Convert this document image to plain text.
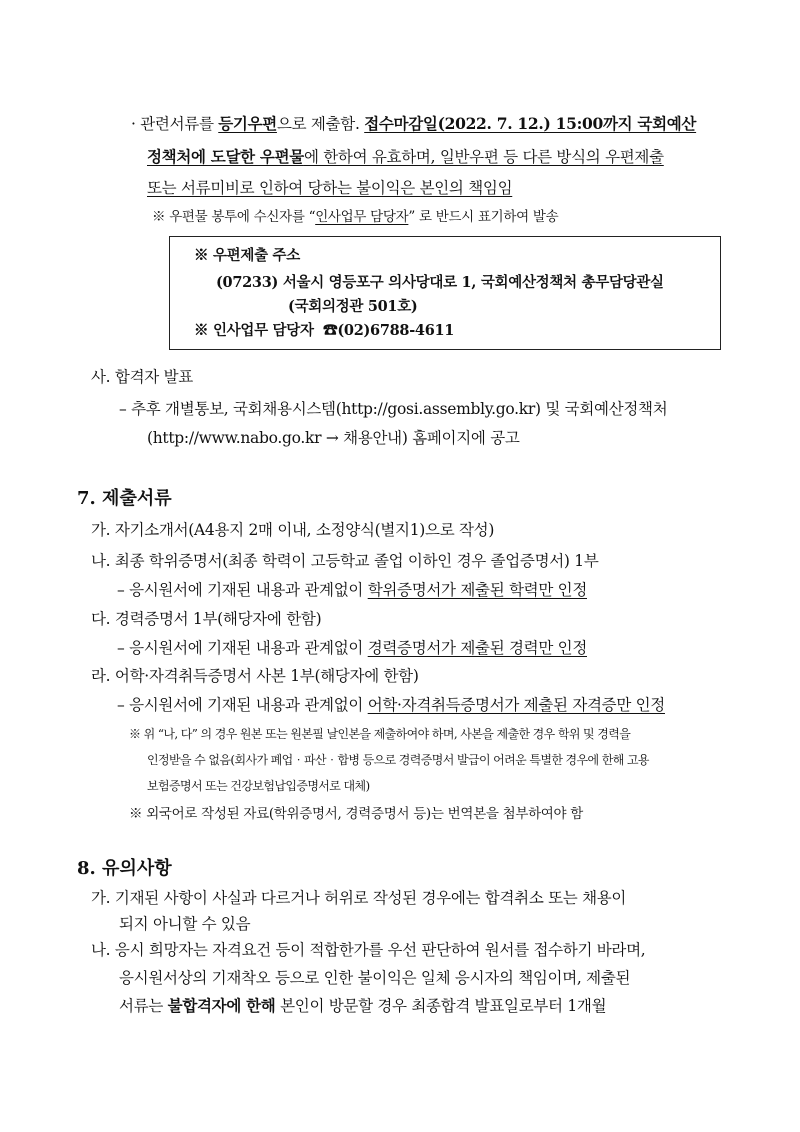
· 관련서류를 등기우편으로 제출함. 접수마감일(2022. 7. 12.) 15:00까지 국회예산
정책처에 도달한 우편물에 한하여 유효하며, 일반우편 등 다른 방식의 우편제출
또는 서류미비로 인하여 당하는 불이익은 본인의 책임임
※ 우편물 봉투에 수신자를 “인사업무 담당자” 로 반드시 표기하여 발송
※ 우편제출 주소
(07233) 서울시 영등포구 의사당대로 1, 국회예산정책처 총무담당관실
(국회의정관 501호)
※ 인사업무 담당자 ☎(02)6788-4611
사. 합격자 발표
– 추후 개별통보, 국회채용시스템(http://gosi.assembly.go.kr) 및 국회예산정책처
(http://www.nabo.go.kr → 채용안내) 홈페이지에 공고
7. 제출서류
가. 자기소개서(A4용지 2매 이내, 소정양식(별지1)으로 작성)
나. 최종 학위증명서(최종 학력이 고등학교 졸업 이하인 경우 졸업증명서) 1부
– 응시원서에 기재된 내용과 관계없이 학위증명서가 제출된 학력만 인정
다. 경력증명서 1부(해당자에 한함)
– 응시원서에 기재된 내용과 관계없이 경력증명서가 제출된 경력만 인정
라. 어학·자격취득증명서 사본 1부(해당자에 한함)
– 응시원서에 기재된 내용과 관계없이 어학·자격취득증명서가 제출된 자격증만 인정
※ 위 “나, 다” 의 경우 원본 또는 원본필 날인본을 제출하여야 하며, 사본을 제출한 경우 학위 및 경력을
인정받을 수 없음(회사가 폐업‧파산‧합병 등으로 경력증명서 발급이 어려운 특별한 경우에 한해 고용
보험증명서 또는 건강보험납입증명서로 대체)
※ 외국어로 작성된 자료(학위증명서, 경력증명서 등)는 번역본을 첨부하여야 함
8. 유의사항
가. 기재된 사항이 사실과 다르거나 허위로 작성된 경우에는 합격취소 또는 채용이
되지 아니할 수 있음
나. 응시 희망자는 자격요건 등이 적합한가를 우선 판단하여 원서를 접수하기 바라며,
응시원서상의 기재착오 등으로 인한 불이익은 일체 응시자의 책임이며, 제출된
서류는 불합격자에 한해 본인이 방문할 경우 최종합격 발표일로부터 1개월
